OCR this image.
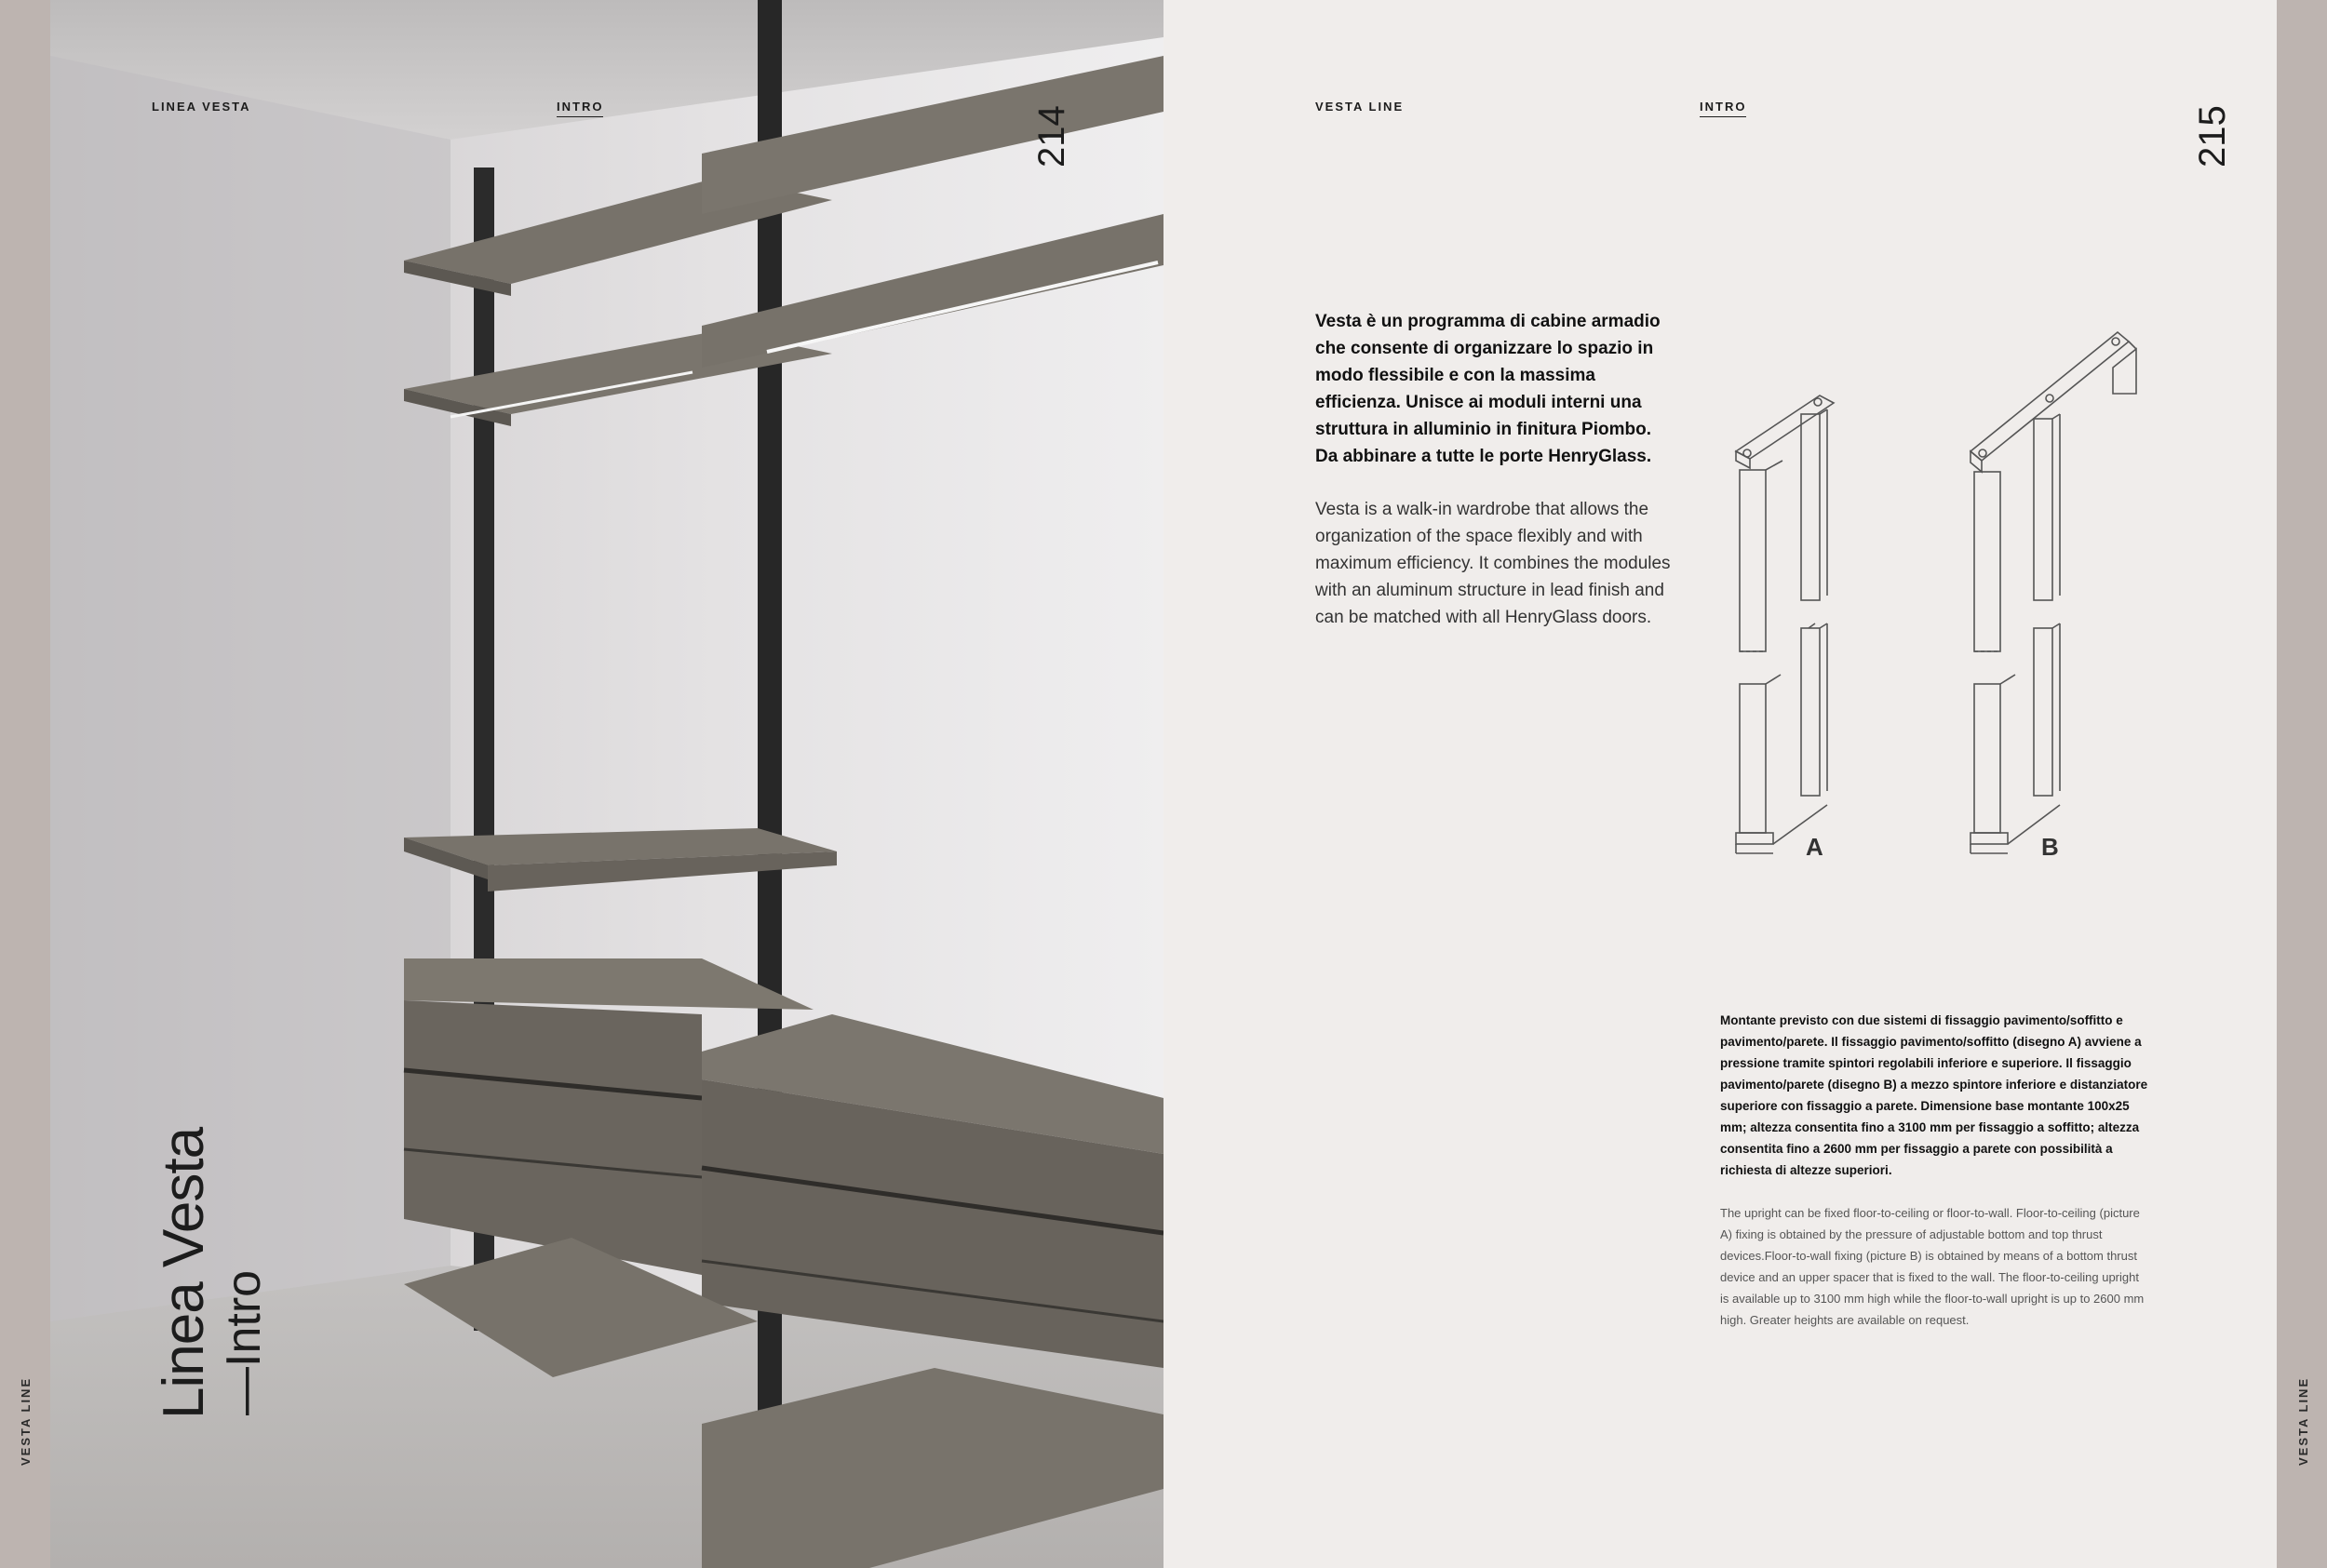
VESTA LINE
LINEA VESTA	INTRO	214
Linea Vesta —Intro
VESTA LINE	INTRO	215
Vesta è un programma di cabine armadio che consente di organizzare lo spazio in modo flessibile e con la massima efficienza. Unisce ai moduli interni una struttura in alluminio in finitura Piombo. Da abbinare a tutte le porte HenryGlass.
Vesta is a walk-in wardrobe that allows the organization of the space flexibly and with maximum efficiency. It combines the modules with an aluminum structure in lead finish and can be matched with all HenryGlass doors.
A	B
Montante previsto con due sistemi di fissaggio pavimento/soffitto e pavimento/parete. Il fissaggio pavimento/soffitto (disegno A) avviene a pressione tramite spintori regolabili inferiore e superiore. Il fissaggio pavimento/parete (disegno B) a mezzo spintore inferiore e distanziatore superiore con fissaggio a parete. Dimensione base montante 100x25 mm; altezza consentita fino a 3100 mm per fissaggio a soffitto; altezza consentita fino a 2600 mm per fissaggio a parete con possibilità a richiesta di altezze superiori.
The upright can be fixed floor-to-ceiling or floor-to-wall. Floor-to-ceiling (picture A) fixing is obtained by the pressure of adjustable bottom and top thrust devices.Floor-to-wall fixing (picture B) is obtained by means of a bottom thrust device and an upper spacer that is fixed to the wall. The floor-to-ceiling upright is available up to 3100 mm high while the floor-to-wall upright is up to 2600 mm high. Greater heights are available on request.
VESTA LINE
